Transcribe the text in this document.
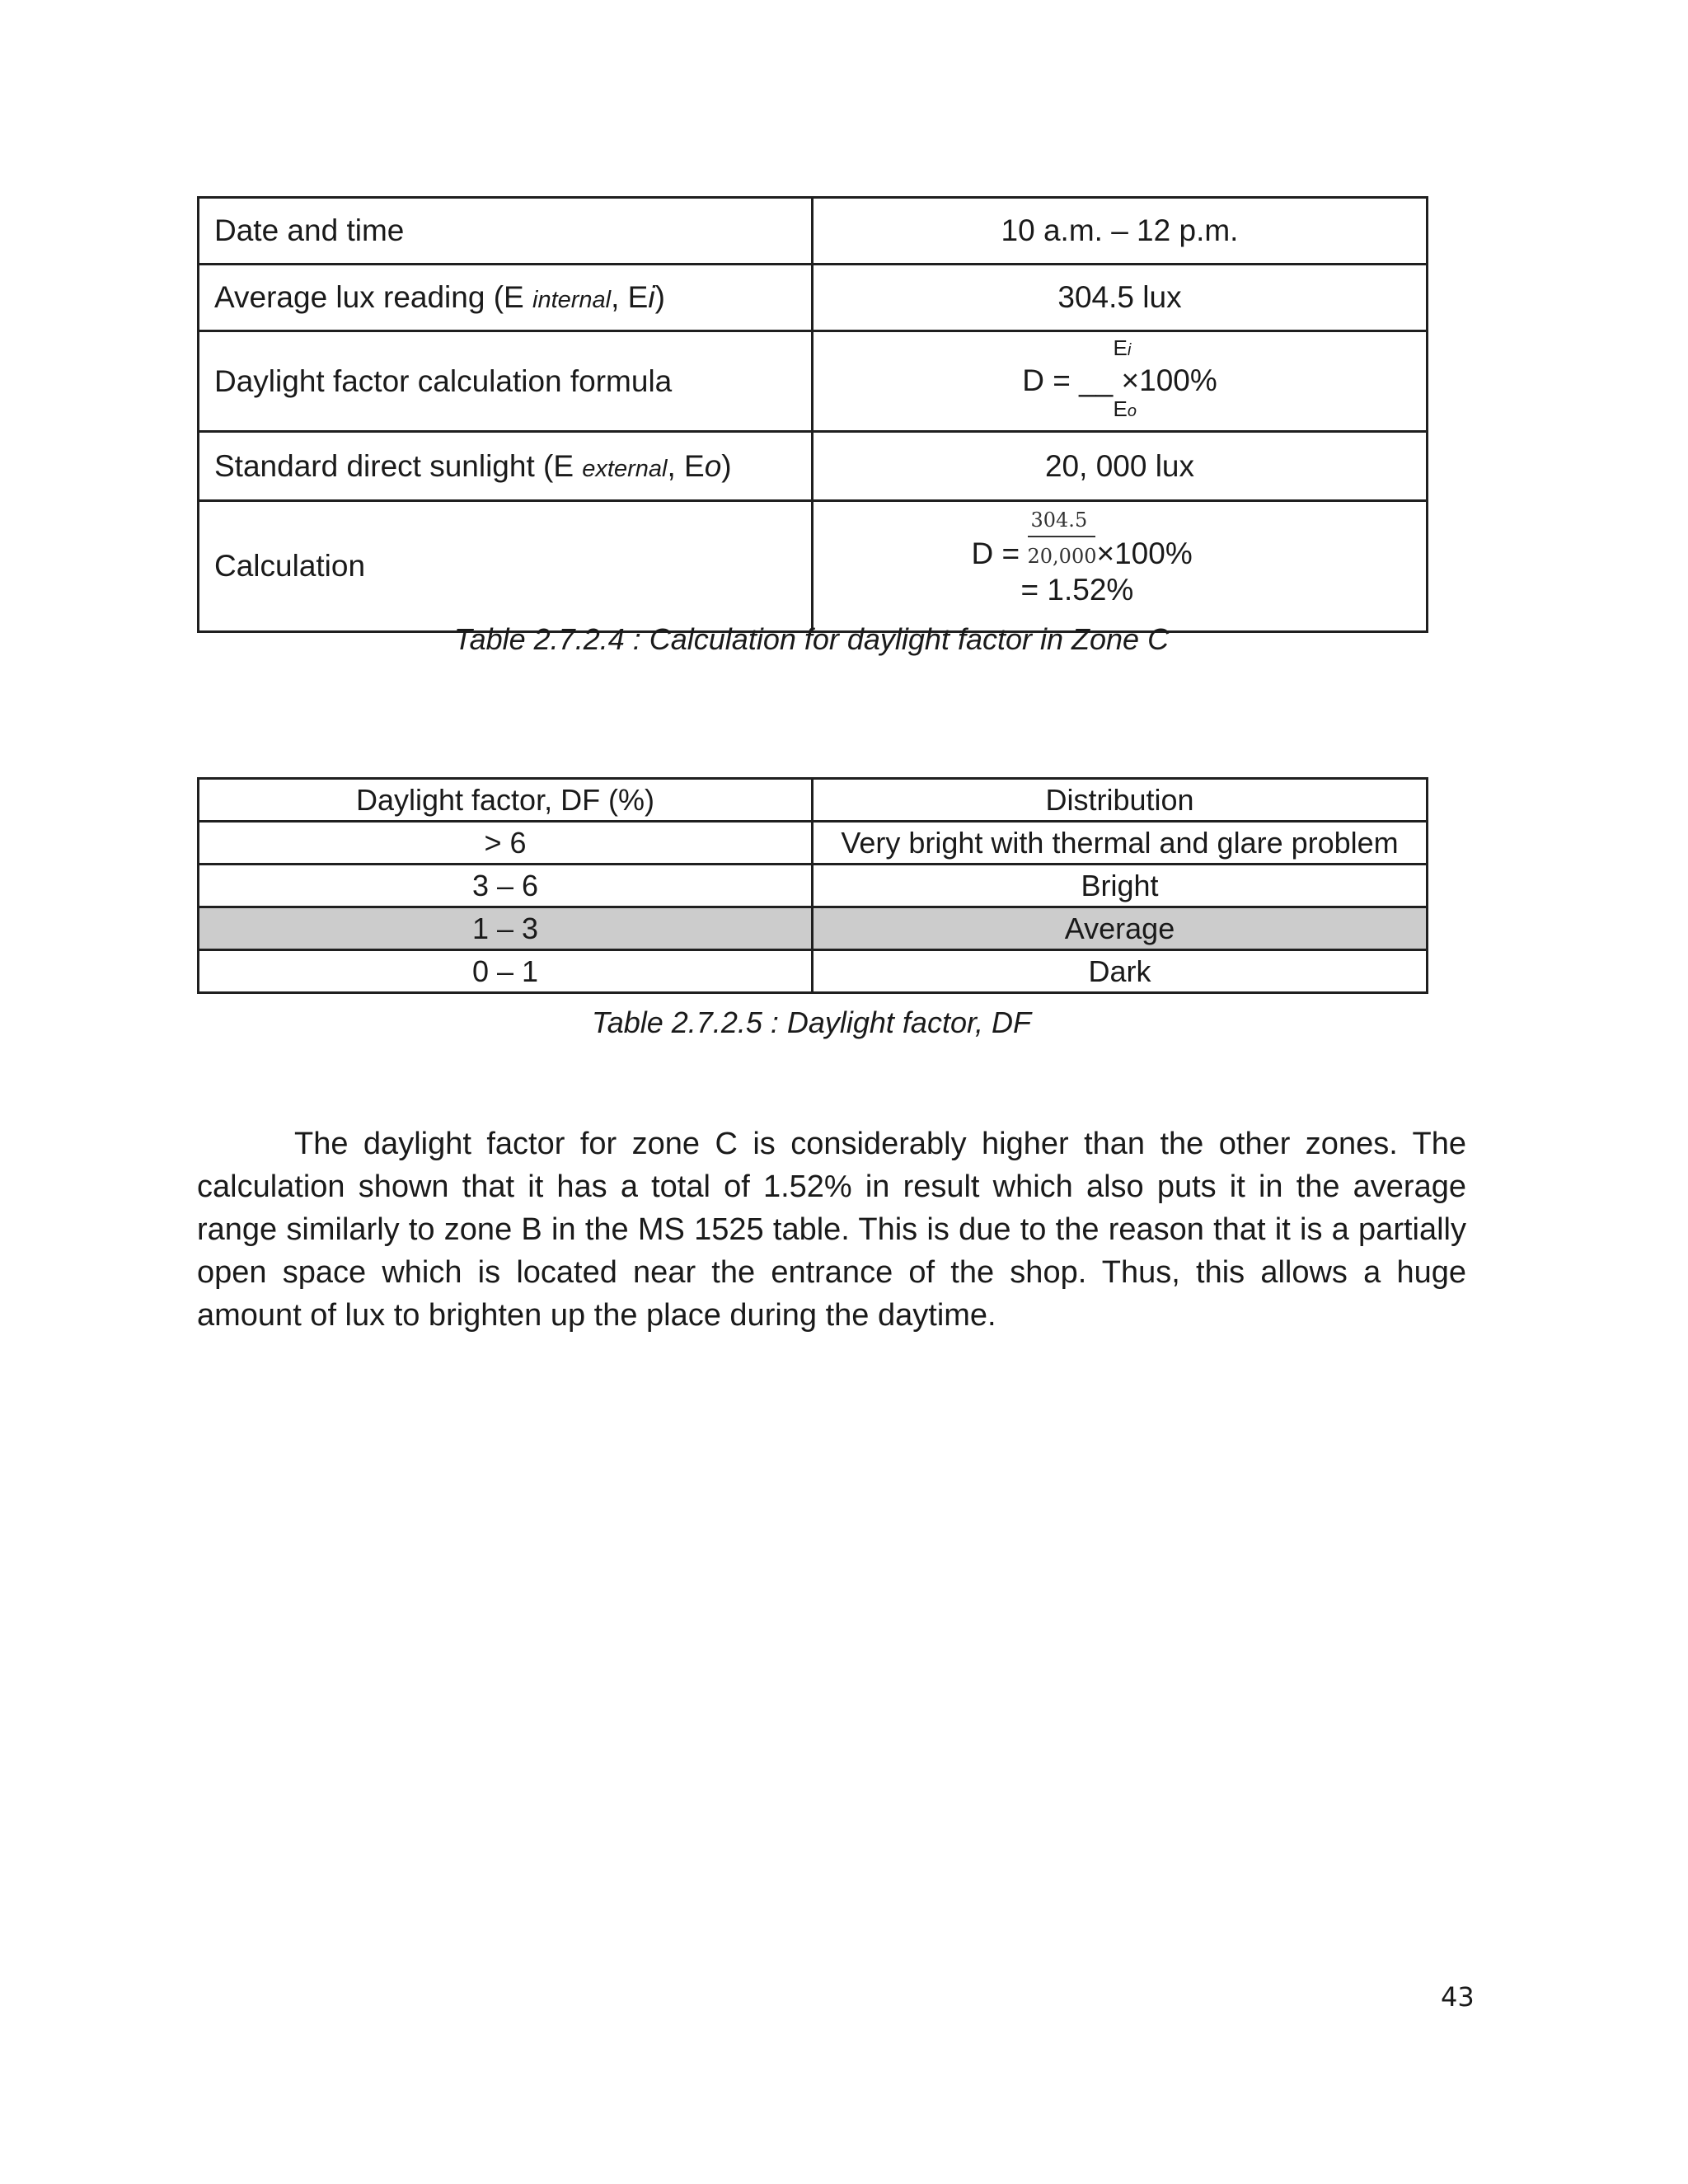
Date and time	10 a.m. – 12 p.m.
Average lux reading (E internal, Ei)	304.5 lux
Daylight factor calculation formula	Ei
D = __ ×100%
Eo

Standard direct sunlight (E external, Eo)	20, 000 lux
Calculation	304.5
D = 20,000 ×100%
= 1.52%
Table 2.7.2.4 : Calculation for daylight factor in Zone C
Daylight factor, DF (%)	Distribution
> 6	Very bright with thermal and glare problem
3 – 6	Bright
1 – 3	Average
0 – 1	Dark
Table 2.7.2.5 : Daylight factor, DF
The daylight factor for zone C is considerably higher than the other zones. The calculation shown that it has a total of 1.52% in result which also puts it in the average range similarly to zone B in the MS 1525 table. This is due to the reason that it is a partially open space which is located near the entrance of the shop. Thus, this allows a huge amount of lux to brighten up the place during the daytime.
43
